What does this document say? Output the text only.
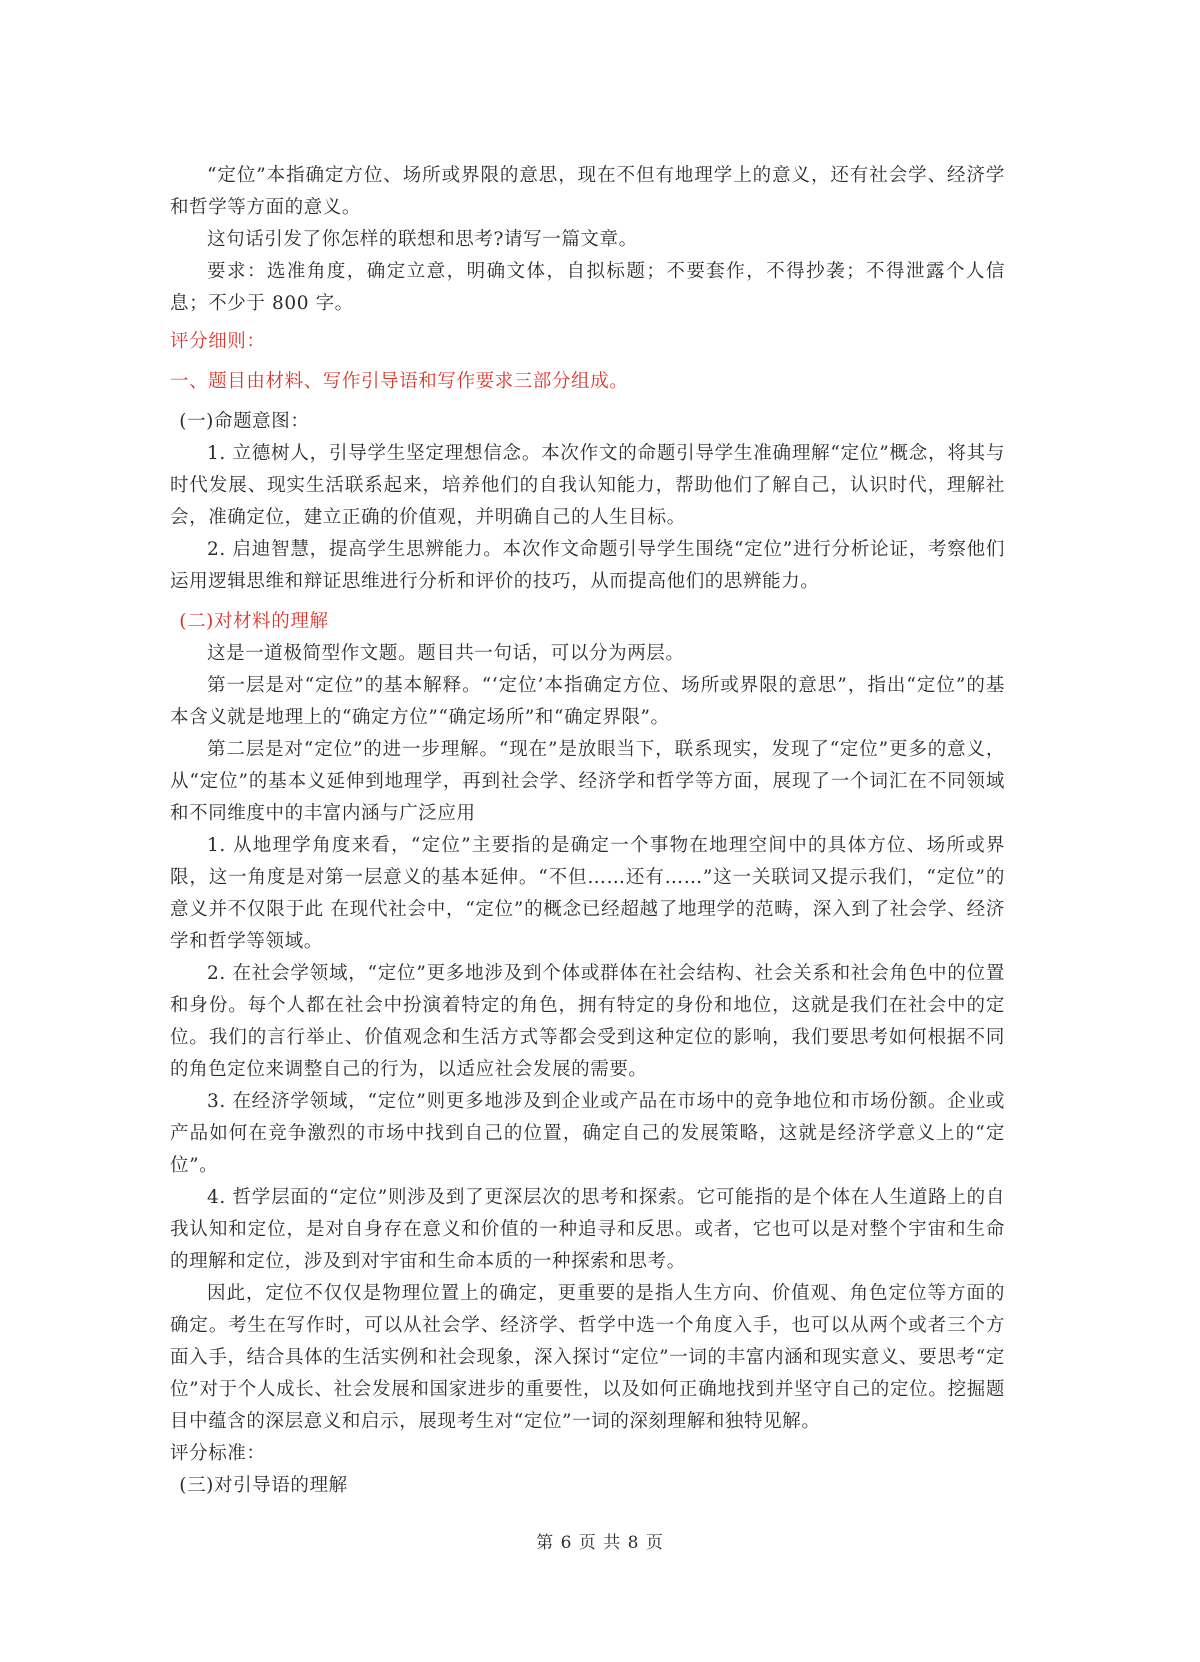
“定位”本指确定方位、场所或界限的意思，现在不但有地理学上的意义，还有社会学、经济学和哲学等方面的意义。

这句话引发了你怎样的联想和思考?请写一篇文章。

要求：选准角度，确定立意，明确文体，自拟标题；不要套作，不得抄袭；不得泄露个人信息；不少于 800 字。

评分细则：

一、题目由材料、写作引导语和写作要求三部分组成。

(一)命题意图：

1. 立德树人，引导学生坚定理想信念。本次作文的命题引导学生准确理解“定位”概念，将其与时代发展、现实生活联系起来，培养他们的自我认知能力，帮助他们了解自己，认识时代，理解社会，准确定位，建立正确的价值观，并明确自己的人生目标。

2. 启迪智慧，提高学生思辨能力。本次作文命题引导学生围绕“定位”进行分析论证，考察他们运用逻辑思维和辩证思维进行分析和评价的技巧，从而提高他们的思辨能力。

(二)对材料的理解

这是一道极简型作文题。题目共一句话，可以分为两层。

第一层是对“定位”的基本解释。“‘定位’本指确定方位、场所或界限的意思”，指出“定位”的基本含义就是地理上的“确定方位”“确定场所”和“确定界限”。

第二层是对“定位”的进一步理解。“现在”是放眼当下，联系现实，发现了“定位”更多的意义，从“定位”的基本义延伸到地理学，再到社会学、经济学和哲学等方面，展现了一个词汇在不同领域和不同维度中的丰富内涵与广泛应用

1. 从地理学角度来看，“定位”主要指的是确定一个事物在地理空间中的具体方位、场所或界限，这一角度是对第一层意义的基本延伸。“不但……还有……”这一关联词又提示我们，“定位”的意义并不仅限于此 在现代社会中，“定位”的概念已经超越了地理学的范畴，深入到了社会学、经济学和哲学等领域。

2. 在社会学领域，“定位”更多地涉及到个体或群体在社会结构、社会关系和社会角色中的位置和身份。每个人都在社会中扮演着特定的角色，拥有特定的身份和地位，这就是我们在社会中的定位。我们的言行举止、价值观念和生活方式等都会受到这种定位的影响，我们要思考如何根据不同的角色定位来调整自己的行为，以适应社会发展的需要。

3. 在经济学领域，“定位”则更多地涉及到企业或产品在市场中的竞争地位和市场份额。企业或产品如何在竞争激烈的市场中找到自己的位置，确定自己的发展策略，这就是经济学意义上的“定位”。

4. 哲学层面的“定位”则涉及到了更深层次的思考和探索。它可能指的是个体在人生道路上的自我认知和定位，是对自身存在意义和价值的一种追寻和反思。或者，它也可以是对整个宇宙和生命的理解和定位，涉及到对宇宙和生命本质的一种探索和思考。

因此，定位不仅仅是物理位置上的确定，更重要的是指人生方向、价值观、角色定位等方面的确定。考生在写作时，可以从社会学、经济学、哲学中选一个角度入手，也可以从两个或者三个方面入手，结合具体的生活实例和社会现象，深入探讨“定位”一词的丰富内涵和现实意义、要思考“定位”对于个人成长、社会发展和国家进步的重要性，以及如何正确地找到并坚守自己的定位。挖掘题目中蕴含的深层意义和启示，展现考生对“定位”一词的深刻理解和独特见解。

评分标准：

(三)对引导语的理解

第 6 页 共 8 页
